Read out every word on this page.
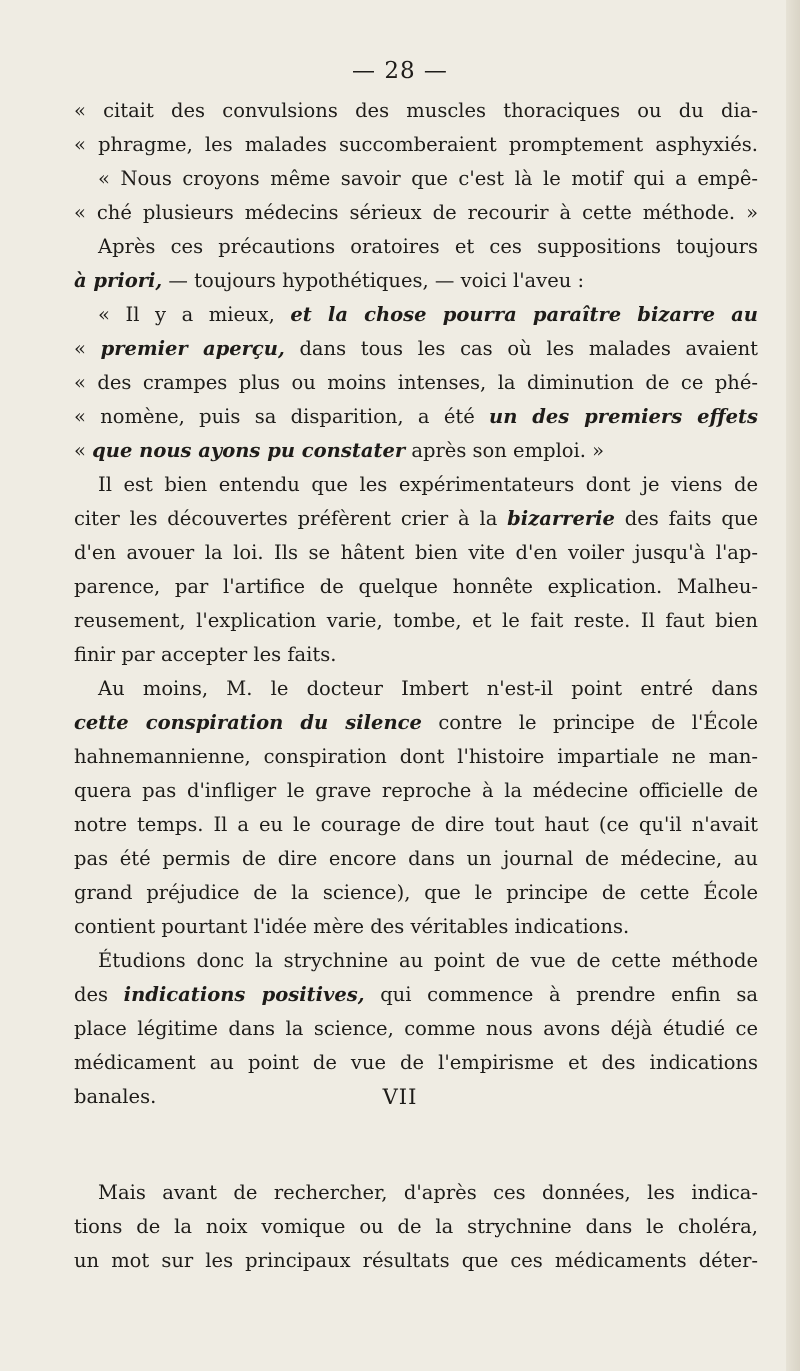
— 28 —
« citait des convulsions des muscles thoraciques ou du dia-
« phragme, les malades succomberaient promptement asphyxiés.
« Nous croyons même savoir que c'est là le motif qui a empê-
« ché plusieurs médecins sérieux de recourir à cette méthode. »
Après ces précautions oratoires et ces suppositions toujours
à priori, — toujours hypothétiques, — voici l'aveu :
« Il y a mieux, et la chose pourra paraître bizarre au
« premier aperçu, dans tous les cas où les malades avaient
« des crampes plus ou moins intenses, la diminution de ce phé-
« nomène, puis sa disparition, a été un des premiers effets
« que nous ayons pu constater après son emploi. »
Il est bien entendu que les expérimentateurs dont je viens de
citer les découvertes préfèrent crier à la bizarrerie des faits que
d'en avouer la loi. Ils se hâtent bien vite d'en voiler jusqu'à l'ap-
parence, par l'artifice de quelque honnête explication. Malheu-
reusement, l'explication varie, tombe, et le fait reste. Il faut bien
finir par accepter les faits.
Au moins, M. le docteur Imbert n'est-il point entré dans
cette conspiration du silence contre le principe de l'École
hahnemannienne, conspiration dont l'histoire impartiale ne man-
quera pas d'infliger le grave reproche à la médecine officielle de
notre temps. Il a eu le courage de dire tout haut (ce qu'il n'avait
pas été permis de dire encore dans un journal de médecine, au
grand préjudice de la science), que le principe de cette École
contient pourtant l'idée mère des véritables indications.
Étudions donc la strychnine au point de vue de cette méthode
des indications positives, qui commence à prendre enfin sa
place légitime dans la science, comme nous avons déjà étudié ce
médicament au point de vue de l'empirisme et des indications
banales.	VII
Mais avant de rechercher, d'après ces données, les indica-
tions de la noix vomique ou de la strychnine dans le choléra,
un mot sur les principaux résultats que ces médicaments déter-
